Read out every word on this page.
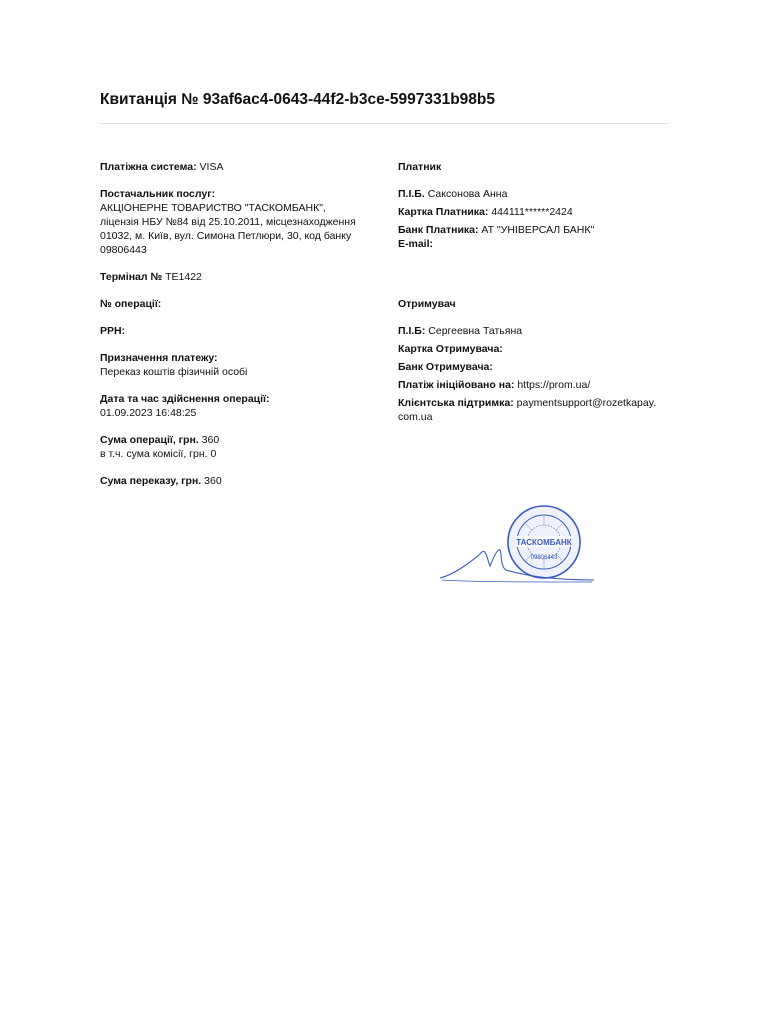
Квитанція № 93af6ac4-0643-44f2-b3ce-5997331b98b5

Платіжна система: VISA

Постачальник послуг:
АКЦІОНЕРНЕ ТОВАРИСТВО "ТАСКОМБАНК",
ліцензія НБУ №84 від 25.10.2011, місцезнаходження
01032, м. Київ, вул. Симона Петлюри, 30, код банку
09806443

Термінал № TE1422

№ операції:

РРН:

Призначення платежу:
Переказ коштів фізичній особі

Дата та час здійснення операції:
01.09.2023 16:48:25

Сума операції, грн. 360
в т.ч. сума комісії, грн. 0

Сума переказу, грн. 360

Платник

П.І.Б. Саксонова Анна

Картка Платника: 444111******2424

Банк Платника: АТ "УНІВЕРСАЛ БАНК"

E-mail:

Отримувач

П.І.Б: Сергеевна Татьяна

Картка Отримувача:

Банк Отримувача:

Платіж ініційовано на: https://prom.ua/

Клієнтська підтримка: paymentsupport@rozetkapay.
com.ua

ТАСКОМБАНК
09806443
